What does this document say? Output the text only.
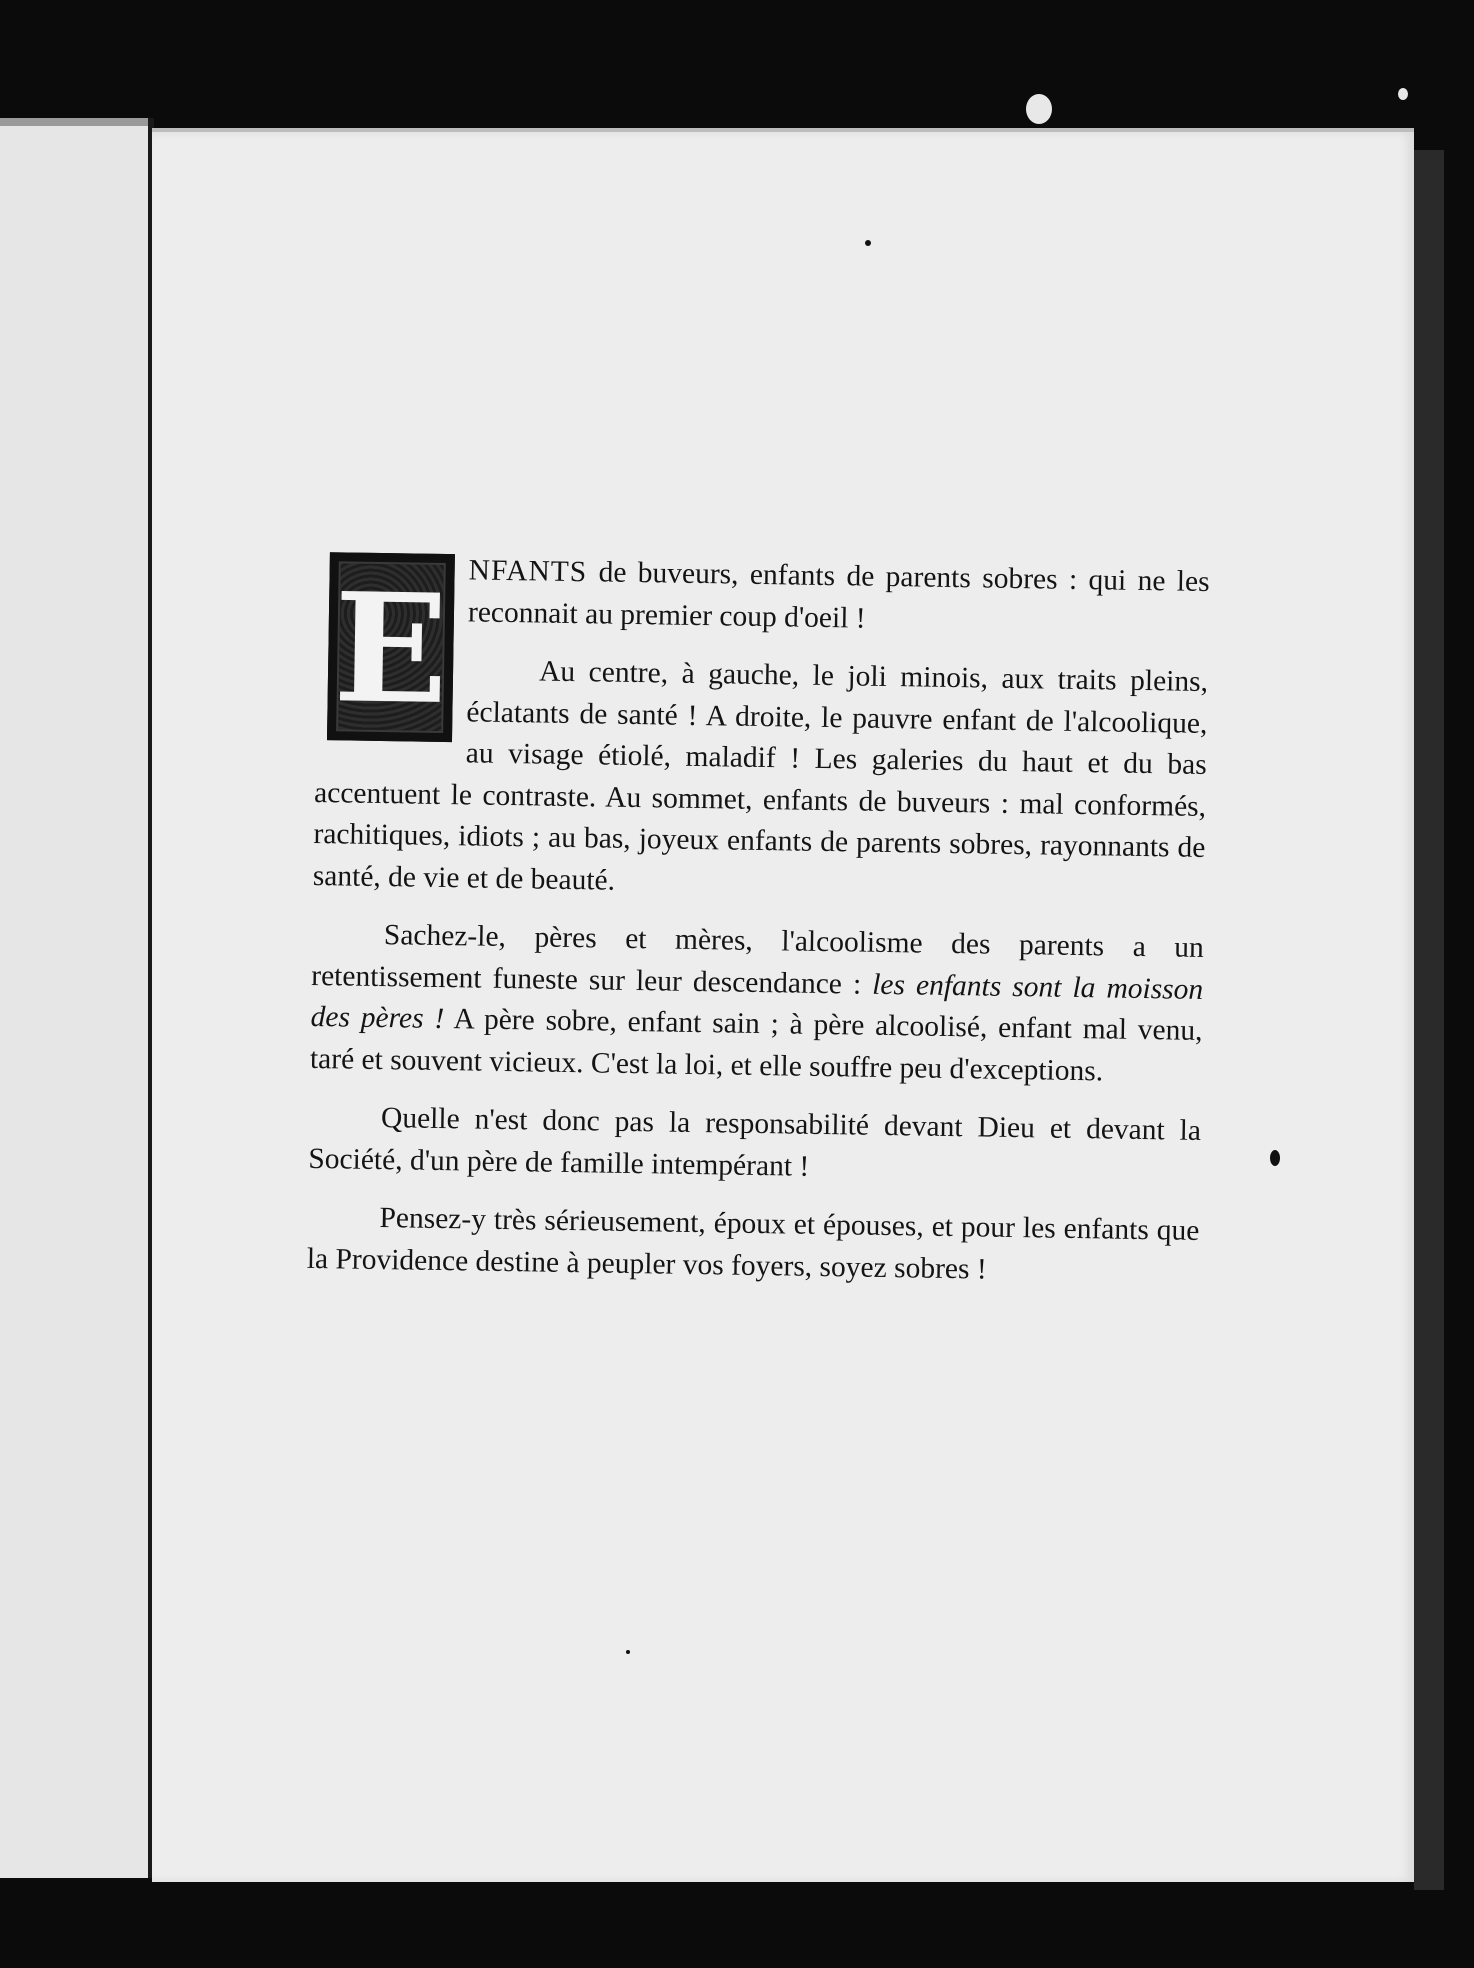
E NFANTS de buveurs, enfants de parents sobres : qui ne les reconnait au premier coup d'oeil !

Au centre, à gauche, le joli minois, aux traits pleins, éclatants de santé ! A droite, le pauvre enfant de l'alcoolique, au visage étiolé, maladif ! Les galeries du haut et du bas accentuent le contraste. Au sommet, enfants de buveurs : mal conformés, rachitiques, idiots ; au bas, joyeux enfants de parents sobres, rayonnants de santé, de vie et de beauté.

Sachez-le, pères et mères, l'alcoolisme des parents a un retentissement funeste sur leur descendance : les enfants sont la moisson des pères ! A père sobre, enfant sain ; à père alcoolisé, enfant mal venu, taré et souvent vicieux. C'est la loi, et elle souffre peu d'exceptions.

Quelle n'est donc pas la responsabilité devant Dieu et devant la Société, d'un père de famille intempérant !

Pensez-y très sérieusement, époux et épouses, et pour les enfants que la Providence destine à peupler vos foyers, soyez sobres !
